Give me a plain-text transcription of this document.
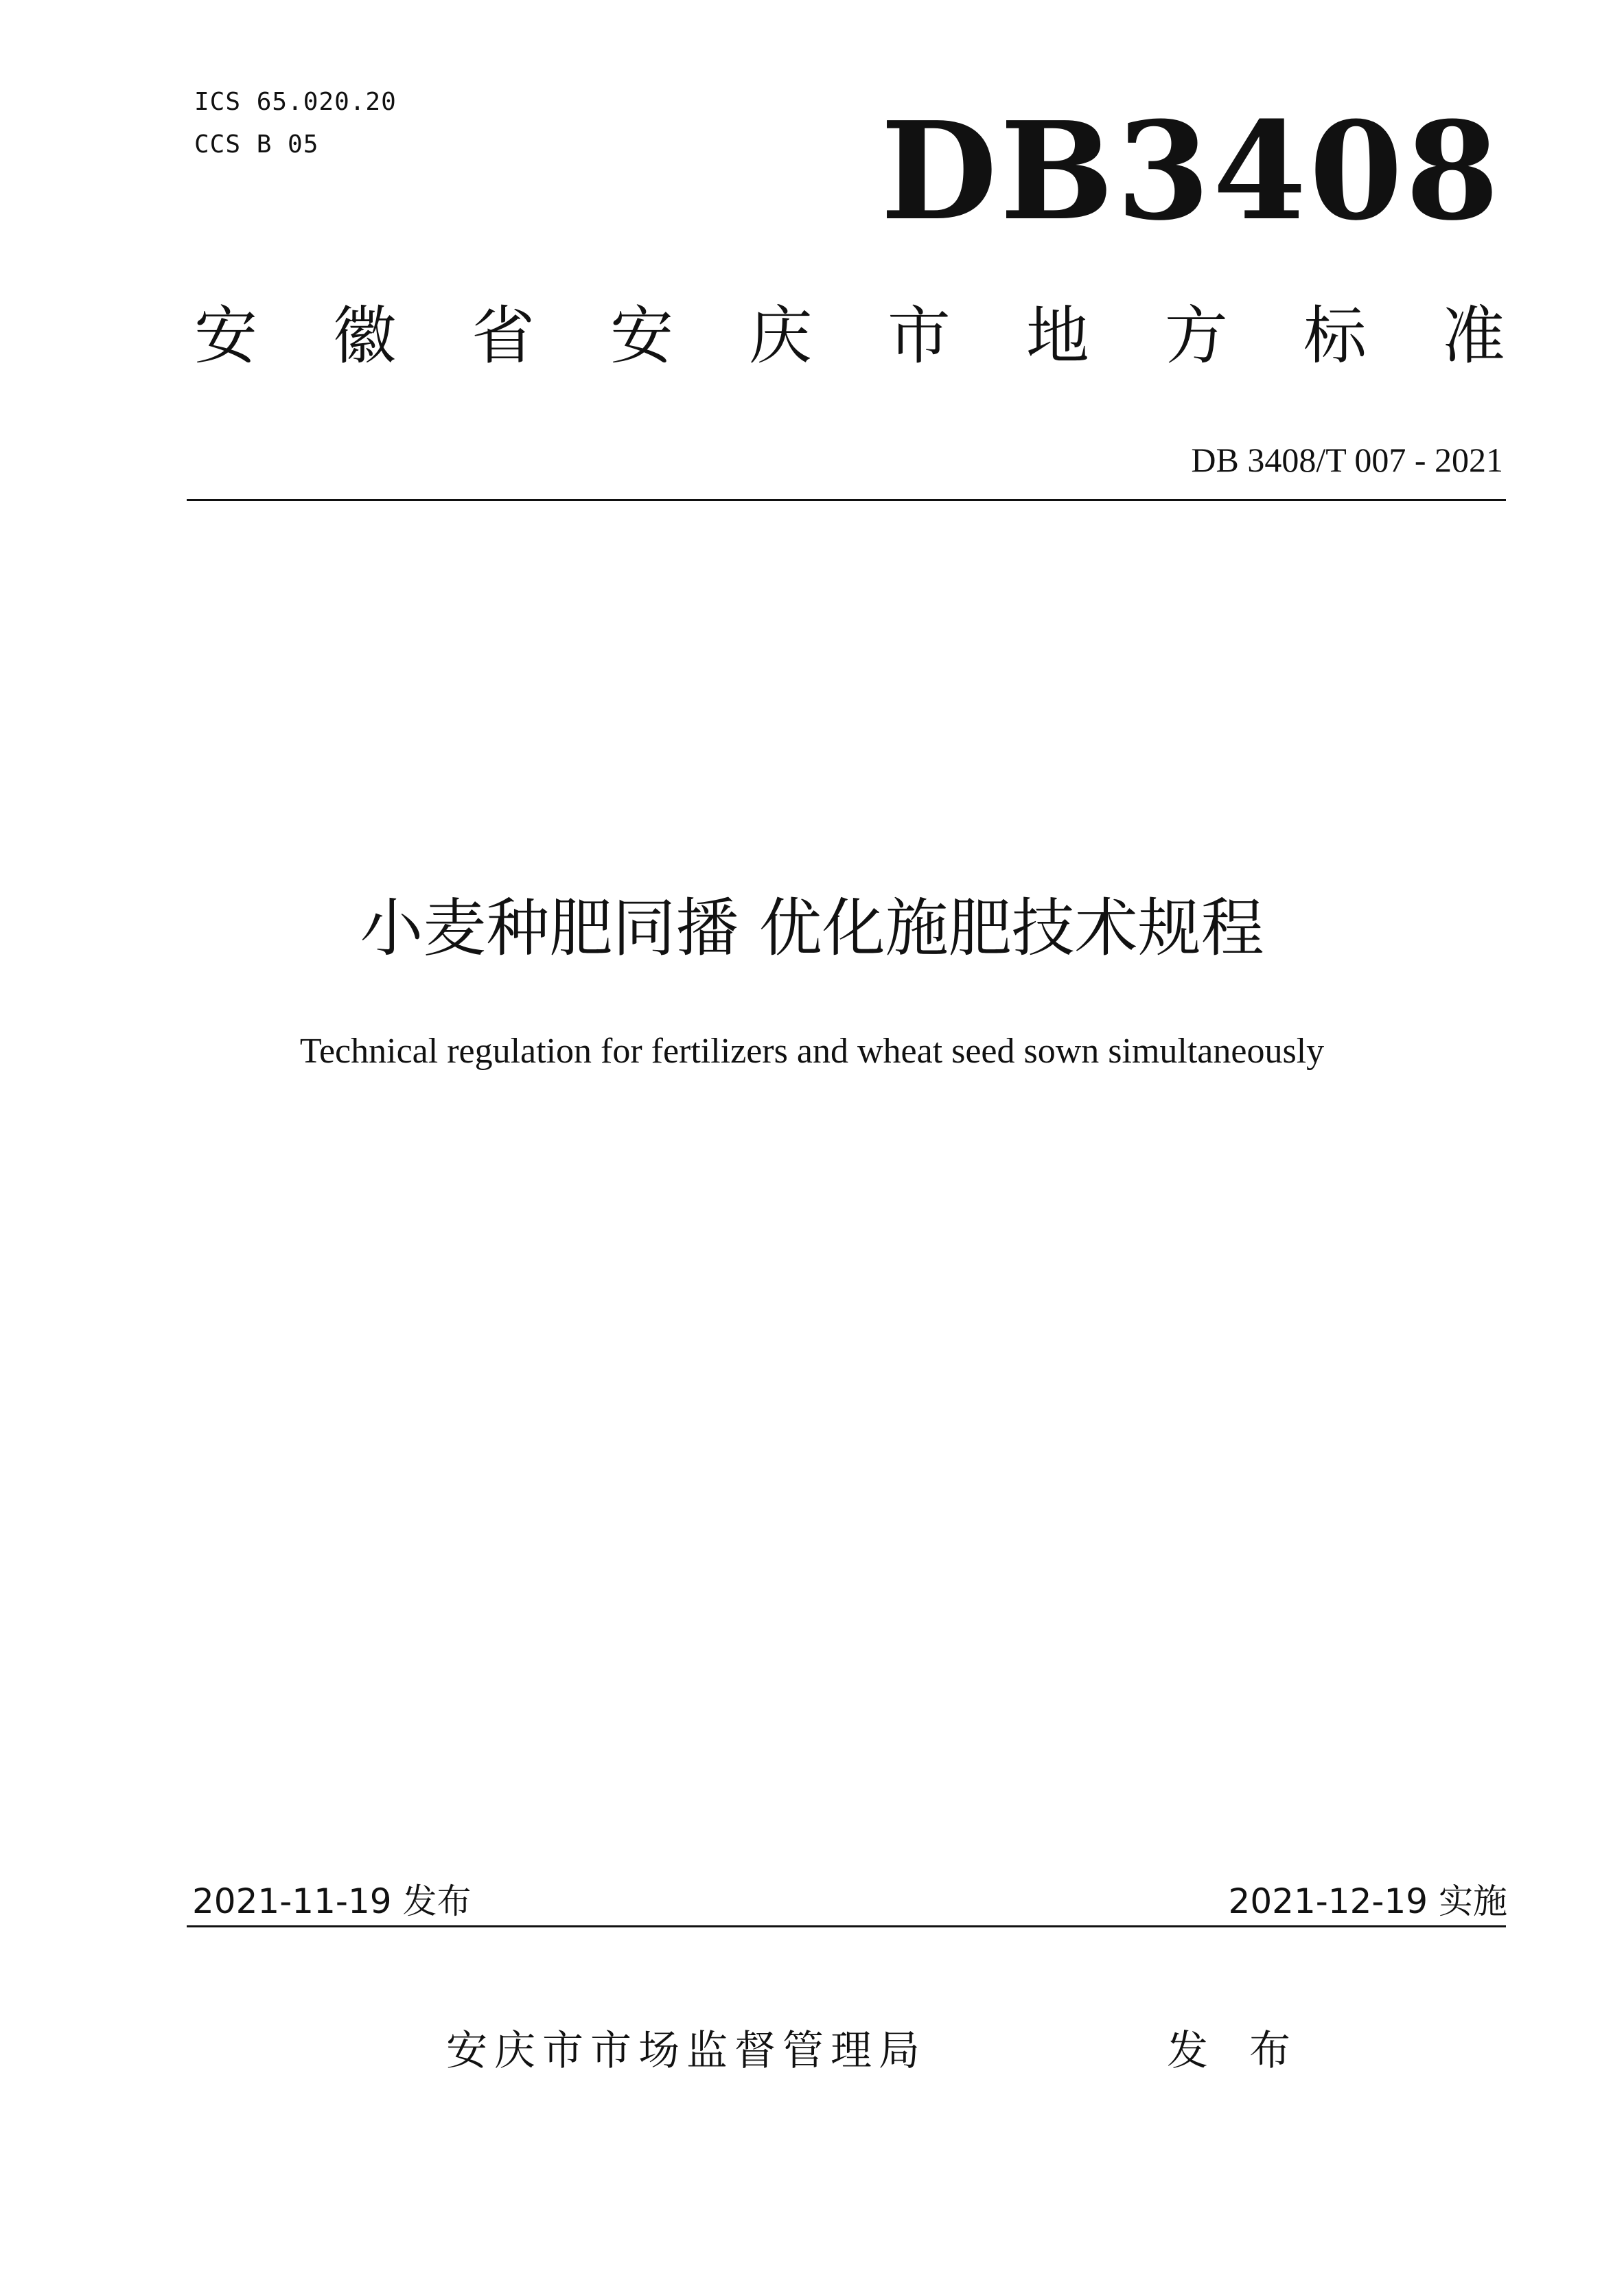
ICS 65.020.20
CCS B 05	DB3408
安 徽 省 安 庆 市 地 方 标 准
DB 3408/T 007 - 2021
小麦种肥同播 优化施肥技术规程
Technical regulation for fertilizers and wheat seed sown simultaneously
2021-11-19 发布	2021-12-19 实施
安庆市市场监督管理局	发布
